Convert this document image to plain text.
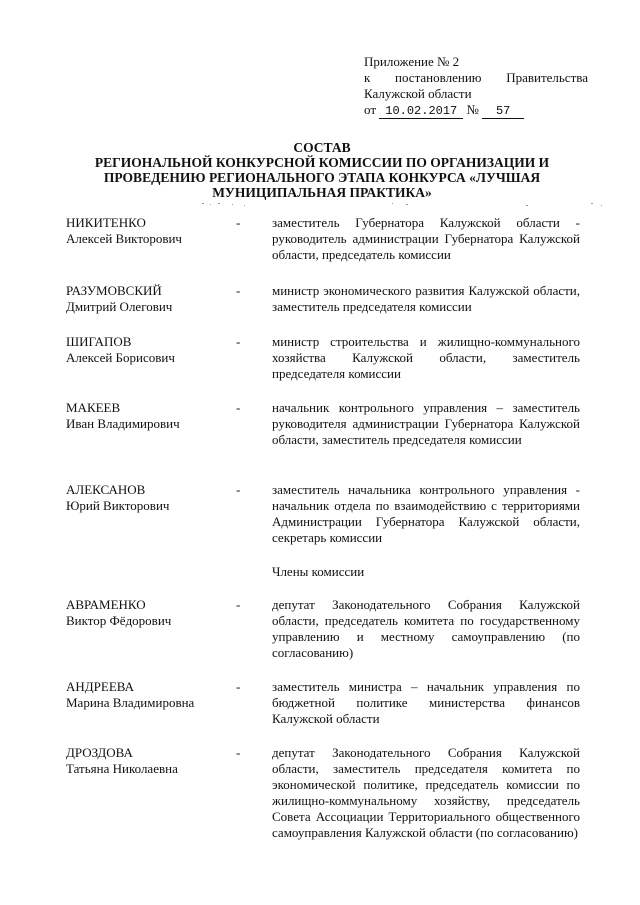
Приложение № 2
к постановлению Правительства
Калужской области
от 10.02.2017 № 57
СОСТАВ
РЕГИОНАЛЬНОЙ КОНКУРСНОЙ КОМИССИИ ПО ОРГАНИЗАЦИИ И
ПРОВЕДЕНИЮ РЕГИОНАЛЬНОГО ЭТАПА КОНКУРСА «ЛУЧШАЯ
МУНИЦИПАЛЬНАЯ ПРАКТИКА»
НИКИТЕНКО
Алексей Викторович
- заместитель Губернатора Калужской области - руководитель администрации Губернатора Калужской области, председатель комиссии
РАЗУМОВСКИЙ
Дмитрий Олегович
- министр экономического развития Калужской области, заместитель председателя комиссии
ШИГАПОВ
Алексей Борисович
- министр строительства и жилищно-коммунального хозяйства Калужской области, заместитель председателя комиссии
МАКЕЕВ
Иван Владимирович
- начальник контрольного управления – заместитель руководителя администрации Губернатора Калужской области, заместитель председателя комиссии
АЛЕКСАНОВ
Юрий Викторович
- заместитель начальника контрольного управления - начальник отдела по взаимодействию с территориями Администрации Губернатора Калужской области, секретарь комиссии
Члены комиссии
АВРАМЕНКО
Виктор Фёдорович
- депутат Законодательного Собрания Калужской области, председатель комитета по государственному управлению и местному самоуправлению (по согласованию)
АНДРЕЕВА
Марина Владимировна
- заместитель министра – начальник управления по бюджетной политике министерства финансов Калужской области
ДРОЗДОВА
Татьяна Николаевна
- депутат Законодательного Собрания Калужской области, заместитель председателя комитета по экономической политике, председатель комиссии по жилищно-коммунальному хозяйству, председатель Совета Ассоциации Территориального общественного самоуправления Калужской области (по согласованию)
